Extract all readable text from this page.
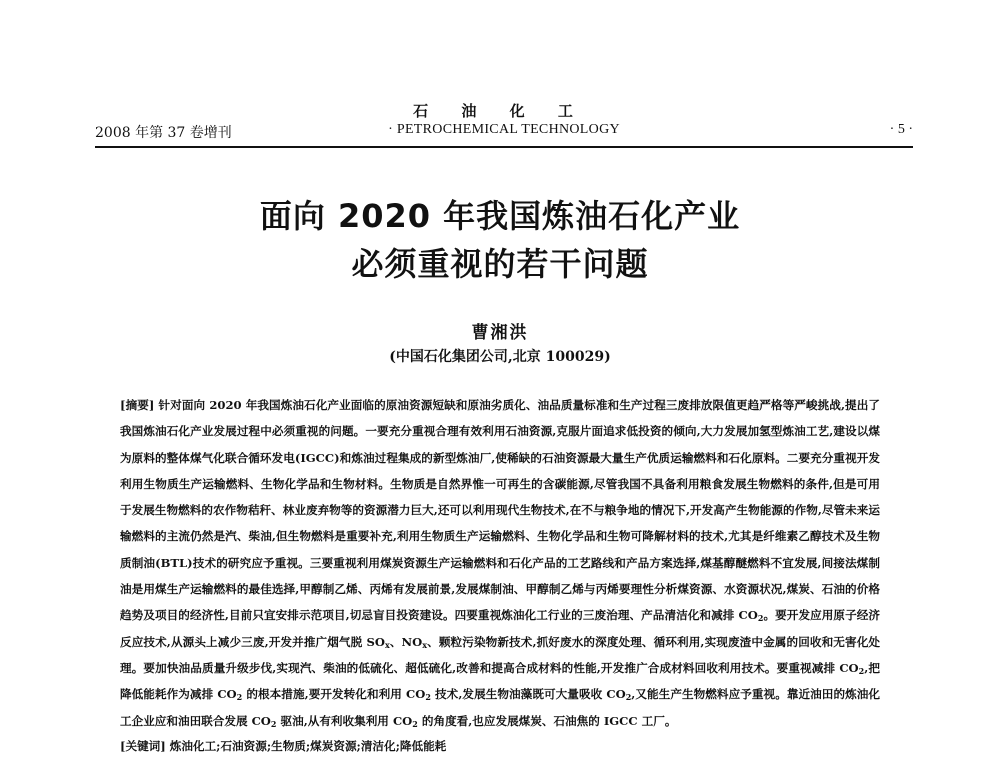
石 油 化 工
· PETROCHEMICAL TECHNOLOGY
2008 年第 37 卷增刊	· 5 ·
面向 2020 年我国炼油石化产业
必须重视的若干问题
曹湘洪
(中国石化集团公司,北京 100029)
[摘要] 针对面向 2020 年我国炼油石化产业面临的原油资源短缺和原油劣质化、油品质量标准和生产过程三废排放限值更趋严格等严峻挑战,提出了我国炼油石化产业发展过程中必须重视的问题。一要充分重视合理有效利用石油资源,克服片面追求低投资的倾向,大力发展加氢型炼油工艺,建设以煤为原料的整体煤气化联合循环发电(IGCC)和炼油过程集成的新型炼油厂,使稀缺的石油资源最大量生产优质运输燃料和石化原料。二要充分重视开发利用生物质生产运输燃料、生物化学品和生物材料。生物质是自然界惟一可再生的含碳能源,尽管我国不具备利用粮食发展生物燃料的条件,但是可用于发展生物燃料的农作物秸秆、林业废弃物等的资源潜力巨大,还可以利用现代生物技术,在不与粮争地的情况下,开发高产生物能源的作物,尽管未来运输燃料的主流仍然是汽、柴油,但生物燃料是重要补充,利用生物质生产运输燃料、生物化学品和生物可降解材料的技术,尤其是纤维素乙醇技术及生物质制油(BTL)技术的研究应予重视。三要重视利用煤炭资源生产运输燃料和石化产品的工艺路线和产品方案选择,煤基醇醚燃料不宜发展,间接法煤制油是用煤生产运输燃料的最佳选择,甲醇制乙烯、丙烯有发展前景,发展煤制油、甲醇制乙烯与丙烯要理性分析煤资源、水资源状况,煤炭、石油的价格趋势及项目的经济性,目前只宜安排示范项目,切忌盲目投资建设。四要重视炼油化工行业的三废治理、产品清洁化和减排 $CO_2$。要开发应用原子经济反应技术,从源头上减少三废,开发并推广烟气脱 $SO_x$、$NO_x$、颗粒污染物新技术,抓好废水的深度处理、循环利用,实现废渣中金属的回收和无害化处理。要加快油品质量升级步伐,实现汽、柴油的低硫化、超低硫化,改善和提高合成材料的性能,开发推广合成材料回收利用技术。要重视减排 $CO_2$,把降低能耗作为减排 $CO_2$ 的根本措施,要开发转化和利用 $CO_2$ 技术,发展生物油藻既可大量吸收 $CO_2$,又能生产生物燃料应予重视。靠近油田的炼油化工企业应和油田联合发展 $CO_2$ 驱油,从有利收集利用 $CO_2$ 的角度看,也应发展煤炭、石油焦的 IGCC 工厂。
[关键词] 炼油化工;石油资源;生物质;煤炭资源;清洁化;降低能耗
